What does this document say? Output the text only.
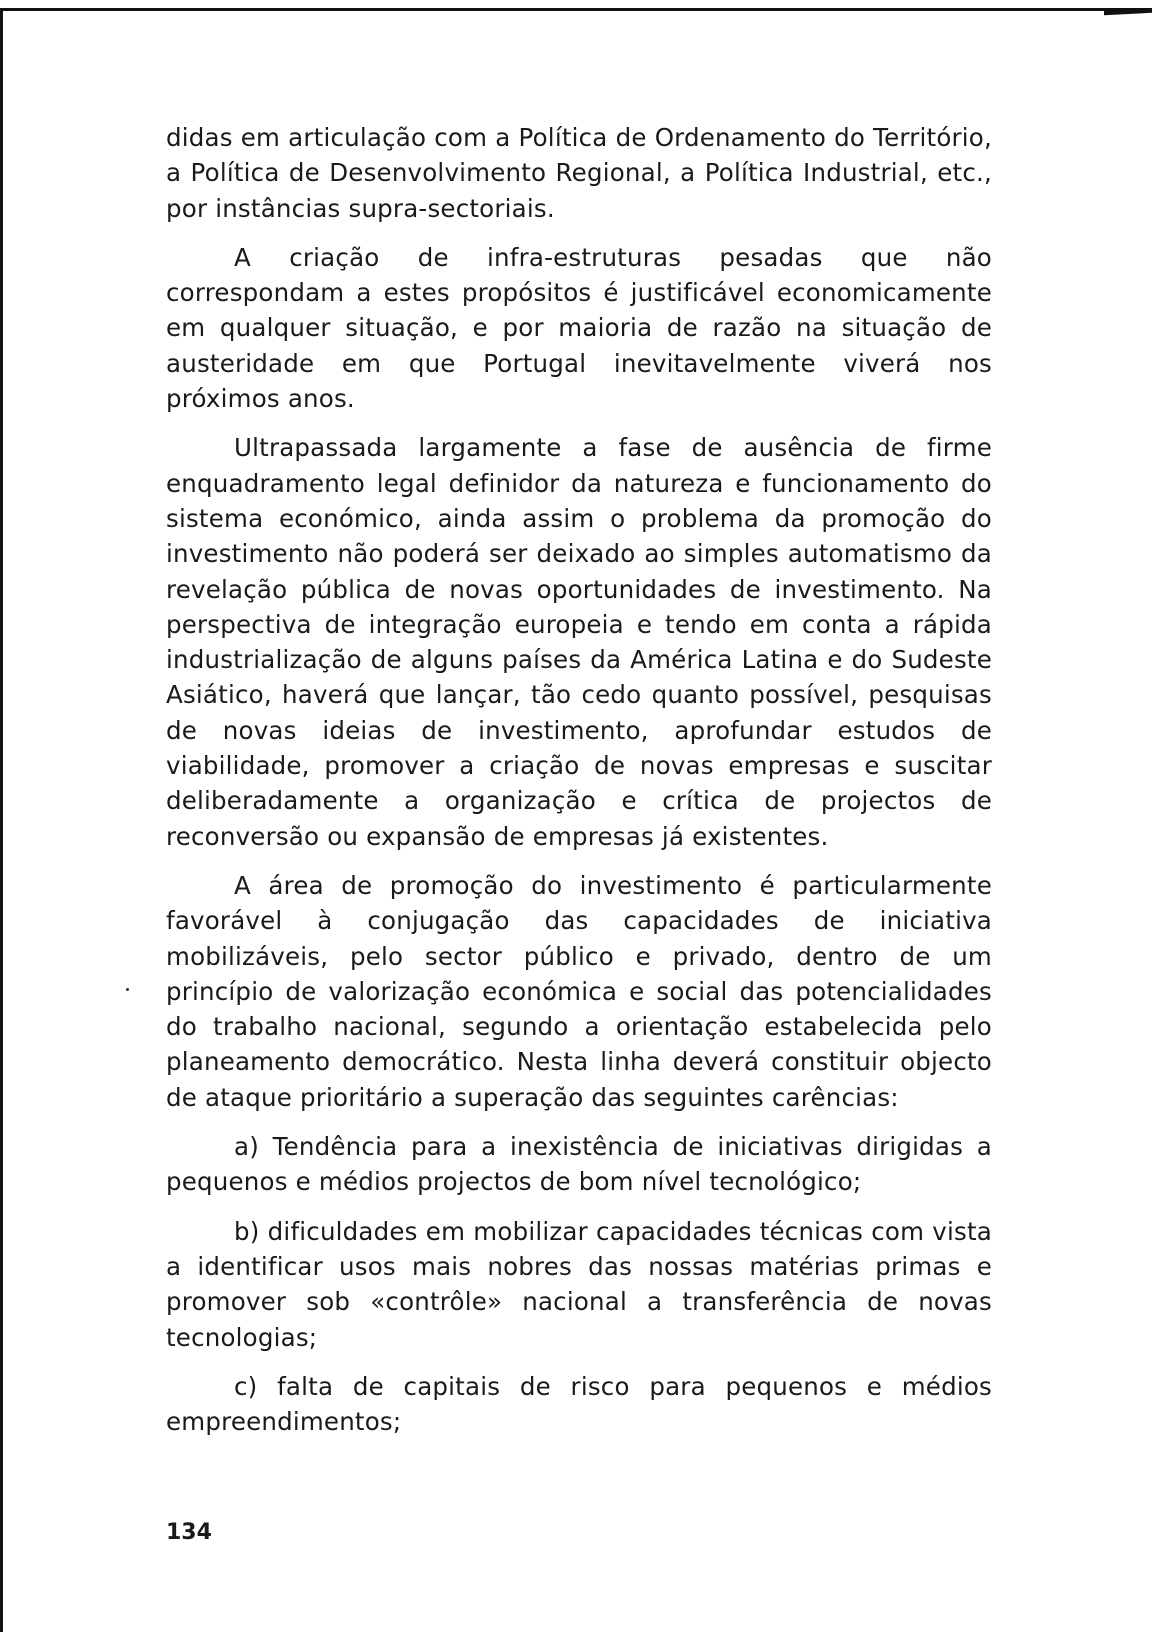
didas em articulação com a Política de Ordenamento do Território, a Política de Desenvolvimento Regional, a Política Industrial, etc., por instâncias supra-sectoriais.

A criação de infra-estruturas pesadas que não correspondam a estes propósitos é justificável economicamente em qualquer situação, e por maioria de razão na situação de austeridade em que Portugal inevitavelmente viverá nos próximos anos.

Ultrapassada largamente a fase de ausência de firme enquadramento legal definidor da natureza e funcionamento do sistema económico, ainda assim o problema da promoção do investimento não poderá ser deixado ao simples automatismo da revelação pública de novas oportunidades de investimento. Na perspectiva de integração europeia e tendo em conta a rápida industrialização de alguns países da América Latina e do Sudeste Asiático, haverá que lançar, tão cedo quanto possível, pesquisas de novas ideias de investimento, aprofundar estudos de viabilidade, promover a criação de novas empresas e suscitar deliberadamente a organização e crítica de projectos de reconversão ou expansão de empresas já existentes.

A área de promoção do investimento é particularmente favorável à conjugação das capacidades de iniciativa mobilizáveis, pelo sector público e privado, dentro de um princípio de valorização económica e social das potencialidades do trabalho nacional, segundo a orientação estabelecida pelo planeamento democrático. Nesta linha deverá constituir objecto de ataque prioritário a superação das seguintes carências:

a) Tendência para a inexistência de iniciativas dirigidas a pequenos e médios projectos de bom nível tecnológico;

b) dificuldades em mobilizar capacidades técnicas com vista a identificar usos mais nobres das nossas matérias primas e promover sob «contrôle» nacional a transferência de novas tecnologias;

c) falta de capitais de risco para pequenos e médios empreendimentos;

134
